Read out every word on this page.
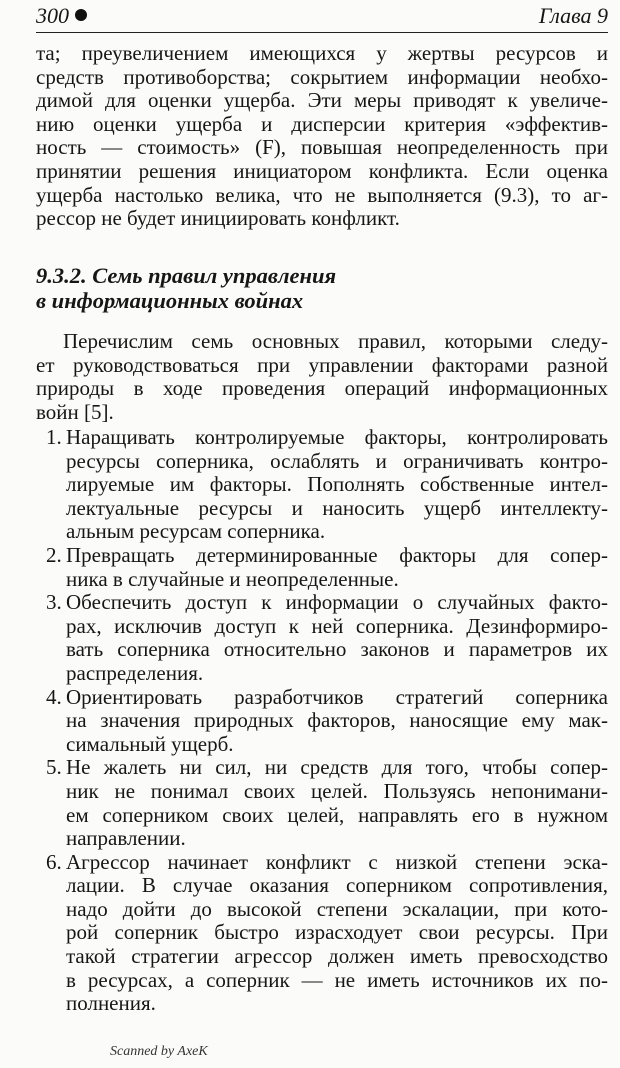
300	Глава 9
та; преувеличением имеющихся у жертвы ресурсов и
средств противоборства; сокрытием информации необхо-
димой для оценки ущерба. Эти меры приводят к увеличе-
нию оценки ущерба и дисперсии критерия «эффектив-
ность — стоимость» (F), повышая неопределенность при
принятии решения инициатором конфликта. Если оценка
ущерба настолько велика, что не выполняется (9.3), то аг-
рессор не будет инициировать конфликт.
9.3.2. Семь правил управления
в информационных войнах
Перечислим семь основных правил, которыми следу-
ет руководствоваться при управлении факторами разной
природы в ходе проведения операций информационных
войн [5].
1. Наращивать контролируемые факторы, контролировать
ресурсы соперника, ослаблять и ограничивать контро-
лируемые им факторы. Пополнять собственные интел-
лектуальные ресурсы и наносить ущерб интеллекту-
альным ресурсам соперника.
2. Превращать детерминированные факторы для сопер-
ника в случайные и неопределенные.
3. Обеспечить доступ к информации о случайных факто-
рах, исключив доступ к ней соперника. Дезинформиро-
вать соперника относительно законов и параметров их
распределения.
4. Ориентировать разработчиков стратегий соперника
на значения природных факторов, наносящие ему мак-
симальный ущерб.
5. Не жалеть ни сил, ни средств для того, чтобы сопер-
ник не понимал своих целей. Пользуясь непонимани-
ем соперником своих целей, направлять его в нужном
направлении.
6. Агрессор начинает конфликт с низкой степени эска-
лации. В случае оказания соперником сопротивления,
надо дойти до высокой степени эскалации, при кото-
рой соперник быстро израсходует свои ресурсы. При
такой стратегии агрессор должен иметь превосходство
в ресурсах, а соперник — не иметь источников их по-
полнения.
Scanned by AxeK
